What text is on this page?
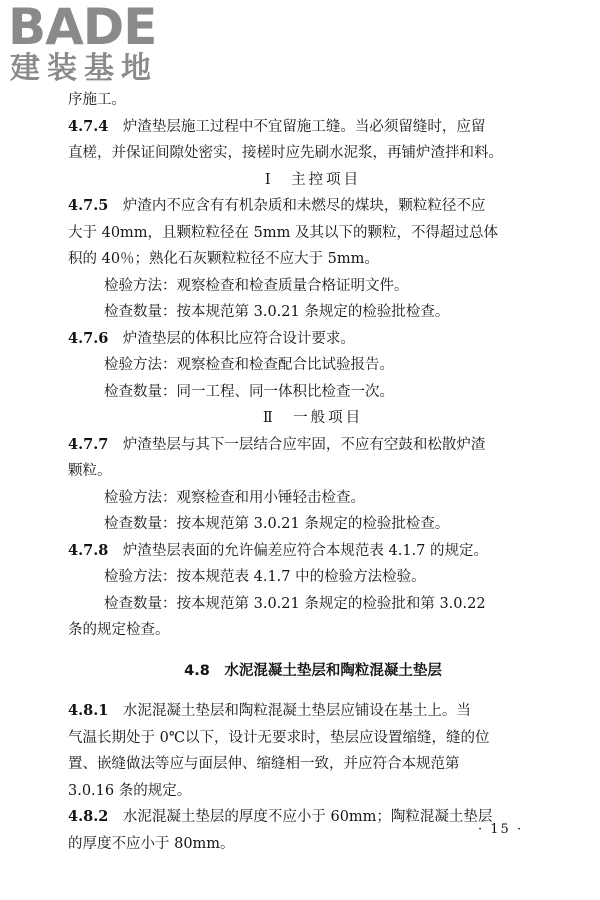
BADE
建装基地
序施工。
4.7.4　 炉渣垫层施工过程中不宜留施工缝。当必须留缝时，应留
直槎，并保证间隙处密实，接槎时应先刷水泥浆，再铺炉渣拌和料。
Ⅰ　主控项目
4.7.5　 炉渣内不应含有有机杂质和未燃尽的煤块，颗粒粒径不应
大于 40mm，且颗粒粒径在 5mm 及其以下的颗粒，不得超过总体
积的 40％；熟化石灰颗粒粒径不应大于 5mm。
检验方法：观察检查和检查质量合格证明文件。
检查数量：按本规范第 3.0.21 条规定的检验批检查。
4.7.6　 炉渣垫层的体积比应符合设计要求。
检验方法：观察检查和检查配合比试验报告。
检查数量：同一工程、同一体积比检查一次。
Ⅱ　一般项目
4.7.7　 炉渣垫层与其下一层结合应牢固，不应有空鼓和松散炉渣
颗粒。
检验方法：观察检查和用小锤轻击检查。
检查数量：按本规范第 3.0.21 条规定的检验批检查。
4.7.8　 炉渣垫层表面的允许偏差应符合本规范表 4.1.7 的规定。
检验方法：按本规范表 4.1.7 中的检验方法检验。
检查数量：按本规范第 3.0.21 条规定的检验批和第 3.0.22
条的规定检查。
4.8　水泥混凝土垫层和陶粒混凝土垫层
4.8.1　 水泥混凝土垫层和陶粒混凝土垫层应铺设在基土上。当
气温长期处于 0℃以下，设计无要求时，垫层应设置缩缝，缝的位
置、嵌缝做法等应与面层伸、缩缝相一致，并应符合本规范第
3.0.16 条的规定。
4.8.2　 水泥混凝土垫层的厚度不应小于 60mm；陶粒混凝土垫层
的厚度不应小于 80mm。
· 15 ·
